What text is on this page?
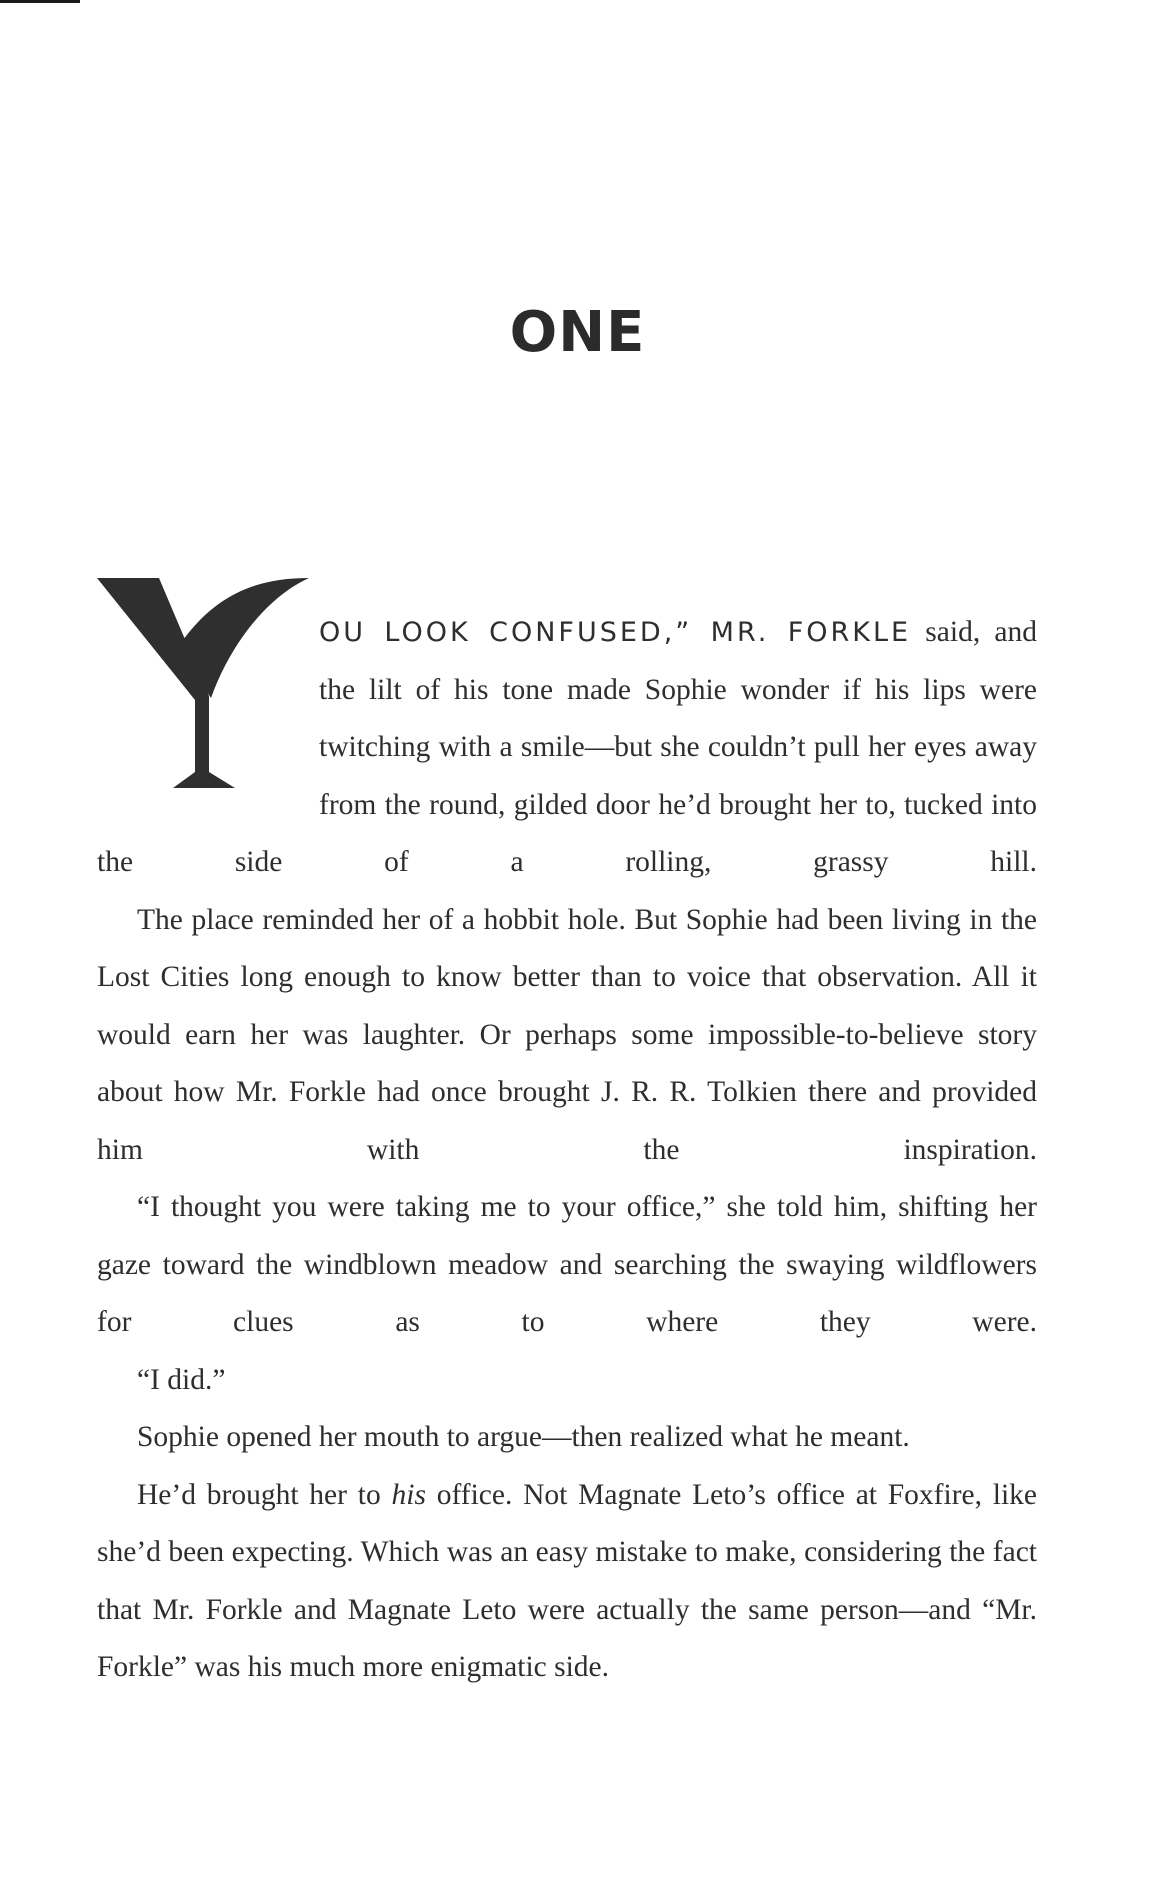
ONE
Y

OU LOOK CONFUSED,” MR. FORKLE said, and the lilt of his tone made Sophie wonder if his lips were twitching with a smile—but she couldn’t pull her eyes away from the round, gilded door he’d brought her to, tucked into the side of a rolling, grassy hill.

The place reminded her of a hobbit hole. But Sophie had been living in the Lost Cities long enough to know better than to voice that observation. All it would earn her was laughter. Or perhaps some impossible-to-believe story about how Mr. Forkle had once brought J. R. R. Tolkien there and provided him with the inspiration.

“I thought you were taking me to your office,” she told him, shifting her gaze toward the windblown meadow and searching the swaying wildflowers for clues as to where they were.

“I did.”

Sophie opened her mouth to argue—then realized what he meant.

He’d brought her to his office. Not Magnate Leto’s office at Foxfire, like she’d been expecting. Which was an easy mistake to make, considering the fact that Mr. Forkle and Magnate Leto were actually the same person—and “Mr. Forkle” was his much more enigmatic side.
